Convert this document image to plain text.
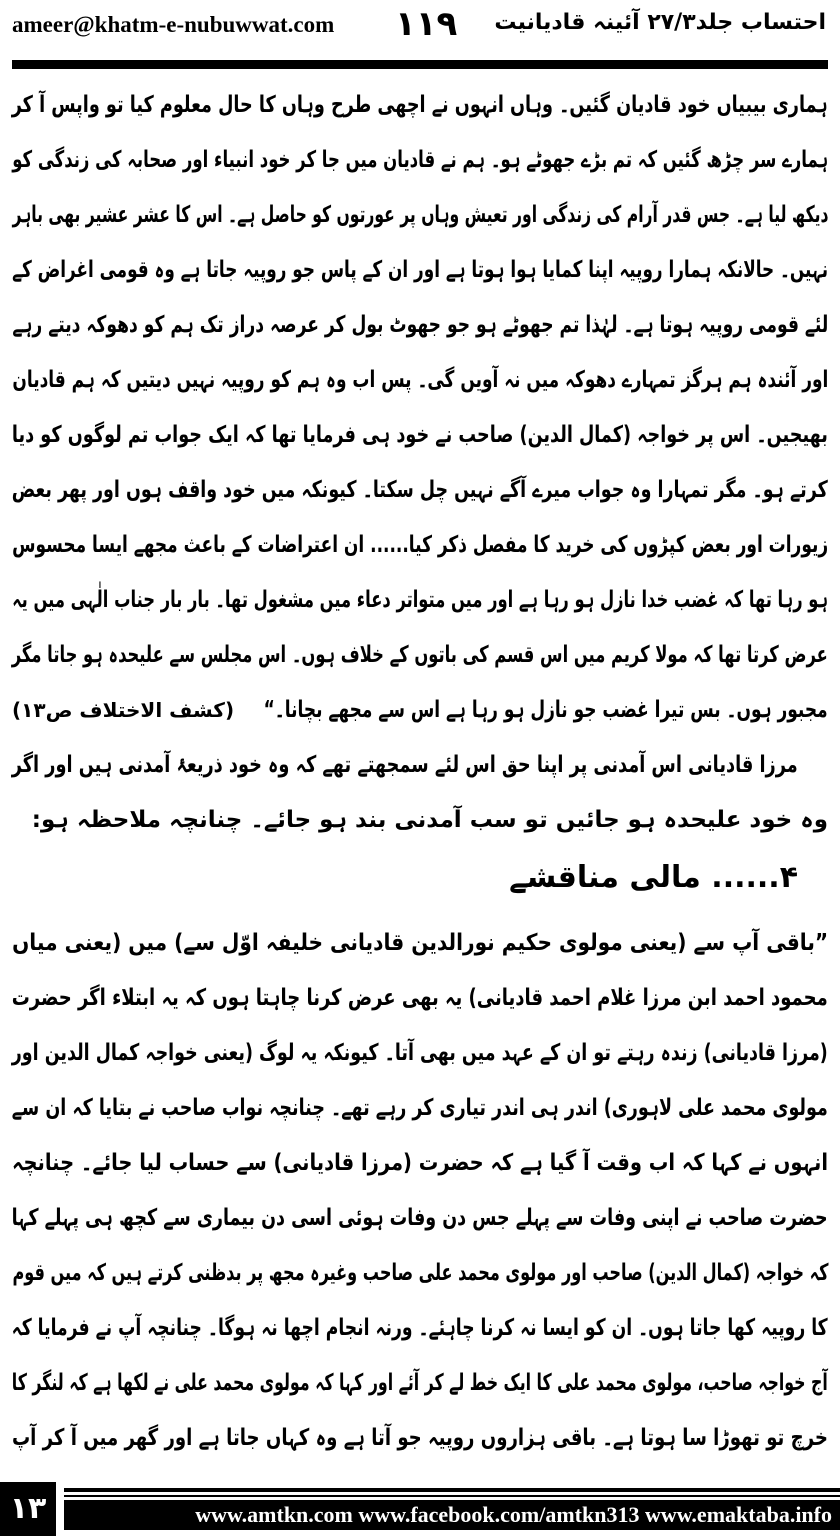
ameer@khatm-e-nubuwwat.com ۱۱۹ احتساب جلد۲۷/۳ آئینہ قادیانیت
ہماری بیبیاں خود قادیان گئیں۔ وہاں انہوں نے اچھی طرح وہاں کا حال معلوم کیا تو واپس آ کر
ہمارے سر چڑھ گئیں کہ تم بڑے جھوٹے ہو۔ ہم نے قادیان میں جا کر خود انبیاء اور صحابہ کی زندگی کو
دیکھ لیا ہے۔ جس قدر آرام کی زندگی اور تعیش وہاں پر عورتوں کو حاصل ہے۔ اس کا عشر عشیر بھی باہر
نہیں۔ حالانکہ ہمارا روپیہ اپنا کمایا ہوا ہوتا ہے اور ان کے پاس جو روپیہ جاتا ہے وہ قومی اغراض کے
لئے قومی روپیہ ہوتا ہے۔ لہٰذا تم جھوٹے ہو جو جھوٹ بول کر عرصہ دراز تک ہم کو دھوکہ دیتے رہے
اور آئندہ ہم ہرگز تمہارے دھوکہ میں نہ آویں گی۔ پس اب وہ ہم کو روپیہ نہیں دیتیں کہ ہم قادیان
بھیجیں۔ اس پر خواجہ (کمال الدین) صاحب نے خود ہی فرمایا تھا کہ ایک جواب تم لوگوں کو دیا
کرتے ہو۔ مگر تمہارا وہ جواب میرے آگے نہیں چل سکتا۔ کیونکہ میں خود واقف ہوں اور پھر بعض
زیورات اور بعض کپڑوں کی خرید کا مفصل ذکر کیا...... ان اعتراضات کے باعث مجھے ایسا محسوس
ہو رہا تھا کہ غضب خدا نازل ہو رہا ہے اور میں متواتر دعاء میں مشغول تھا۔ بار بار جناب الٰہی میں یہ
عرض کرتا تھا کہ مولا کریم میں اس قسم کی باتوں کے خلاف ہوں۔ اس مجلس سے علیحدہ ہو جاتا مگر
مجبور ہوں۔ بس تیرا غضب جو نازل ہو رہا ہے اس سے مجھے بچانا۔“
(کشف الاختلاف ص۱۳)
مرزا قادیانی اس آمدنی پر اپنا حق اس لئے سمجھتے تھے کہ وہ خود ذریعۂ آمدنی ہیں اور اگر
وہ خود علیحدہ ہو جائیں تو سب آمدنی بند ہو جائے۔ چنانچہ ملاحظہ ہو:
۴...... مالی مناقشے
”باقی آپ سے (یعنی مولوی حکیم نورالدین قادیانی خلیفہ اوّل سے) میں (یعنی میاں
محمود احمد ابن مرزا غلام احمد قادیانی) یہ بھی عرض کرنا چاہتا ہوں کہ یہ ابتلاء اگر حضرت
(مرزا قادیانی) زندہ رہتے تو ان کے عہد میں بھی آتا۔ کیونکہ یہ لوگ (یعنی خواجہ کمال الدین اور
مولوی محمد علی لاہوری) اندر ہی اندر تیاری کر رہے تھے۔ چنانچہ نواب صاحب نے بتایا کہ ان سے
انہوں نے کہا کہ اب وقت آ گیا ہے کہ حضرت (مرزا قادیانی) سے حساب لیا جائے۔ چنانچہ
حضرت صاحب نے اپنی وفات سے پہلے جس دن وفات ہوئی اسی دن بیماری سے کچھ ہی پہلے کہا
کہ خواجہ (کمال الدین) صاحب اور مولوی محمد علی صاحب وغیرہ مجھ پر بدظنی کرتے ہیں کہ میں قوم
کا روپیہ کھا جاتا ہوں۔ ان کو ایسا نہ کرنا چاہئے۔ ورنہ انجام اچھا نہ ہوگا۔ چنانچہ آپ نے فرمایا کہ
آج خواجہ صاحب، مولوی محمد علی کا ایک خط لے کر آئے اور کہا کہ مولوی محمد علی نے لکھا ہے کہ لنگر کا
خرچ تو تھوڑا سا ہوتا ہے۔ باقی ہزاروں روپیہ جو آتا ہے وہ کہاں جاتا ہے اور گھر میں آ کر آپ
۱۳	www.amtkn.com www.facebook.com/amtkn313 www.emaktaba.info
